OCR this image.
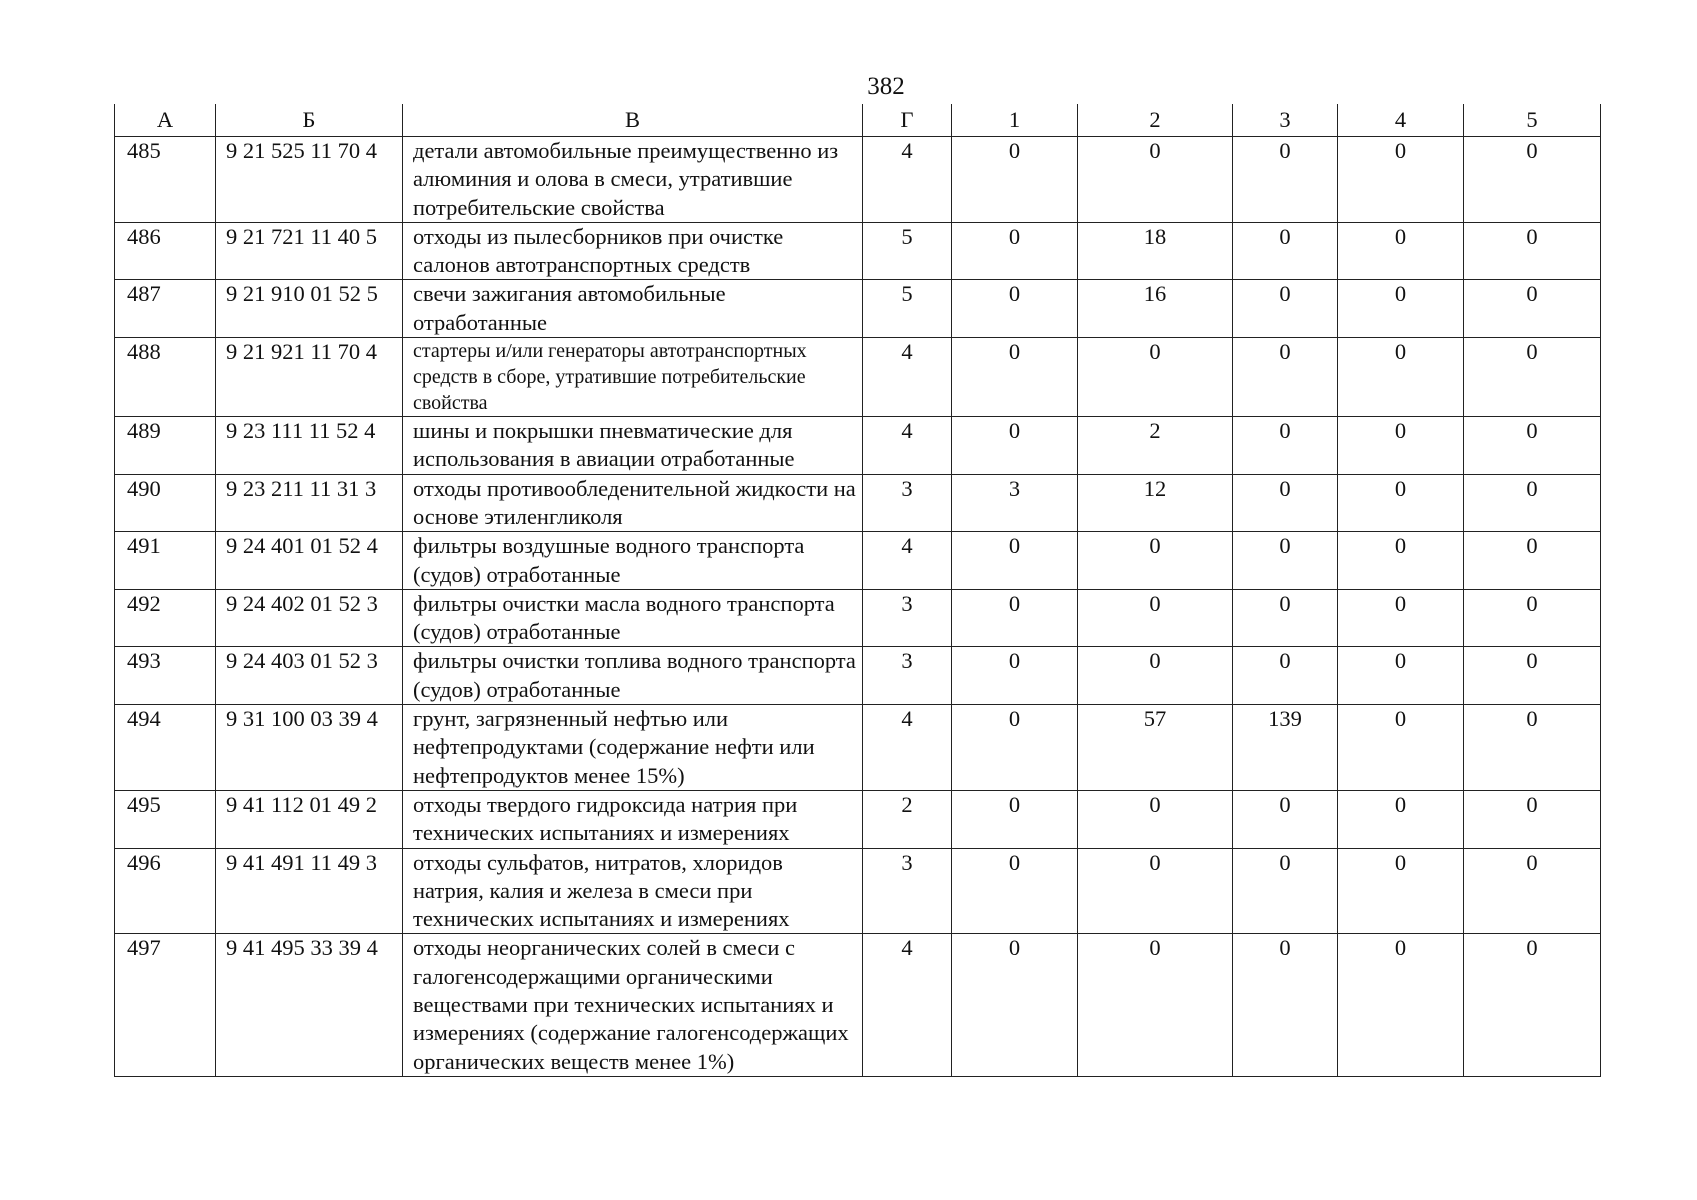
382
А	Б	В	Г	1	2	3	4	5
485	9 21 525 11 70 4	детали автомобильные преимущественно из алюминия и олова в смеси, утратившие потребительские свойства	4	0	0	0	0	0
486	9 21 721 11 40 5	отходы из пылесборников при очистке салонов автотранспортных средств	5	0	18	0	0	0
487	9 21 910 01 52 5	свечи зажигания автомобильные отработанные	5	0	16	0	0	0
488	9 21 921 11 70 4	стартеры и/или генераторы автотранспортных средств в сборе, утратившие потребительские свойства	4	0	0	0	0	0
489	9 23 111 11 52 4	шины и покрышки пневматические для использования в авиации отработанные	4	0	2	0	0	0
490	9 23 211 11 31 3	отходы противообледенительной жидкости на основе этиленгликоля	3	3	12	0	0	0
491	9 24 401 01 52 4	фильтры воздушные водного транспорта (судов) отработанные	4	0	0	0	0	0
492	9 24 402 01 52 3	фильтры очистки масла водного транспорта (судов) отработанные	3	0	0	0	0	0
493	9 24 403 01 52 3	фильтры очистки топлива водного транспорта (судов) отработанные	3	0	0	0	0	0
494	9 31 100 03 39 4	грунт, загрязненный нефтью или нефтепродуктами (содержание нефти или нефтепродуктов менее 15%)	4	0	57	139	0	0
495	9 41 112 01 49 2	отходы твердого гидроксида натрия при технических испытаниях и измерениях	2	0	0	0	0	0
496	9 41 491 11 49 3	отходы сульфатов, нитратов, хлоридов натрия, калия и железа в смеси при технических испытаниях и измерениях	3	0	0	0	0	0
497	9 41 495 33 39 4	отходы неорганических солей в смеси с галогенсодержащими органическими веществами при технических испытаниях и измерениях (содержание галогенсодержащих органических веществ менее 1%)	4	0	0	0	0	0
